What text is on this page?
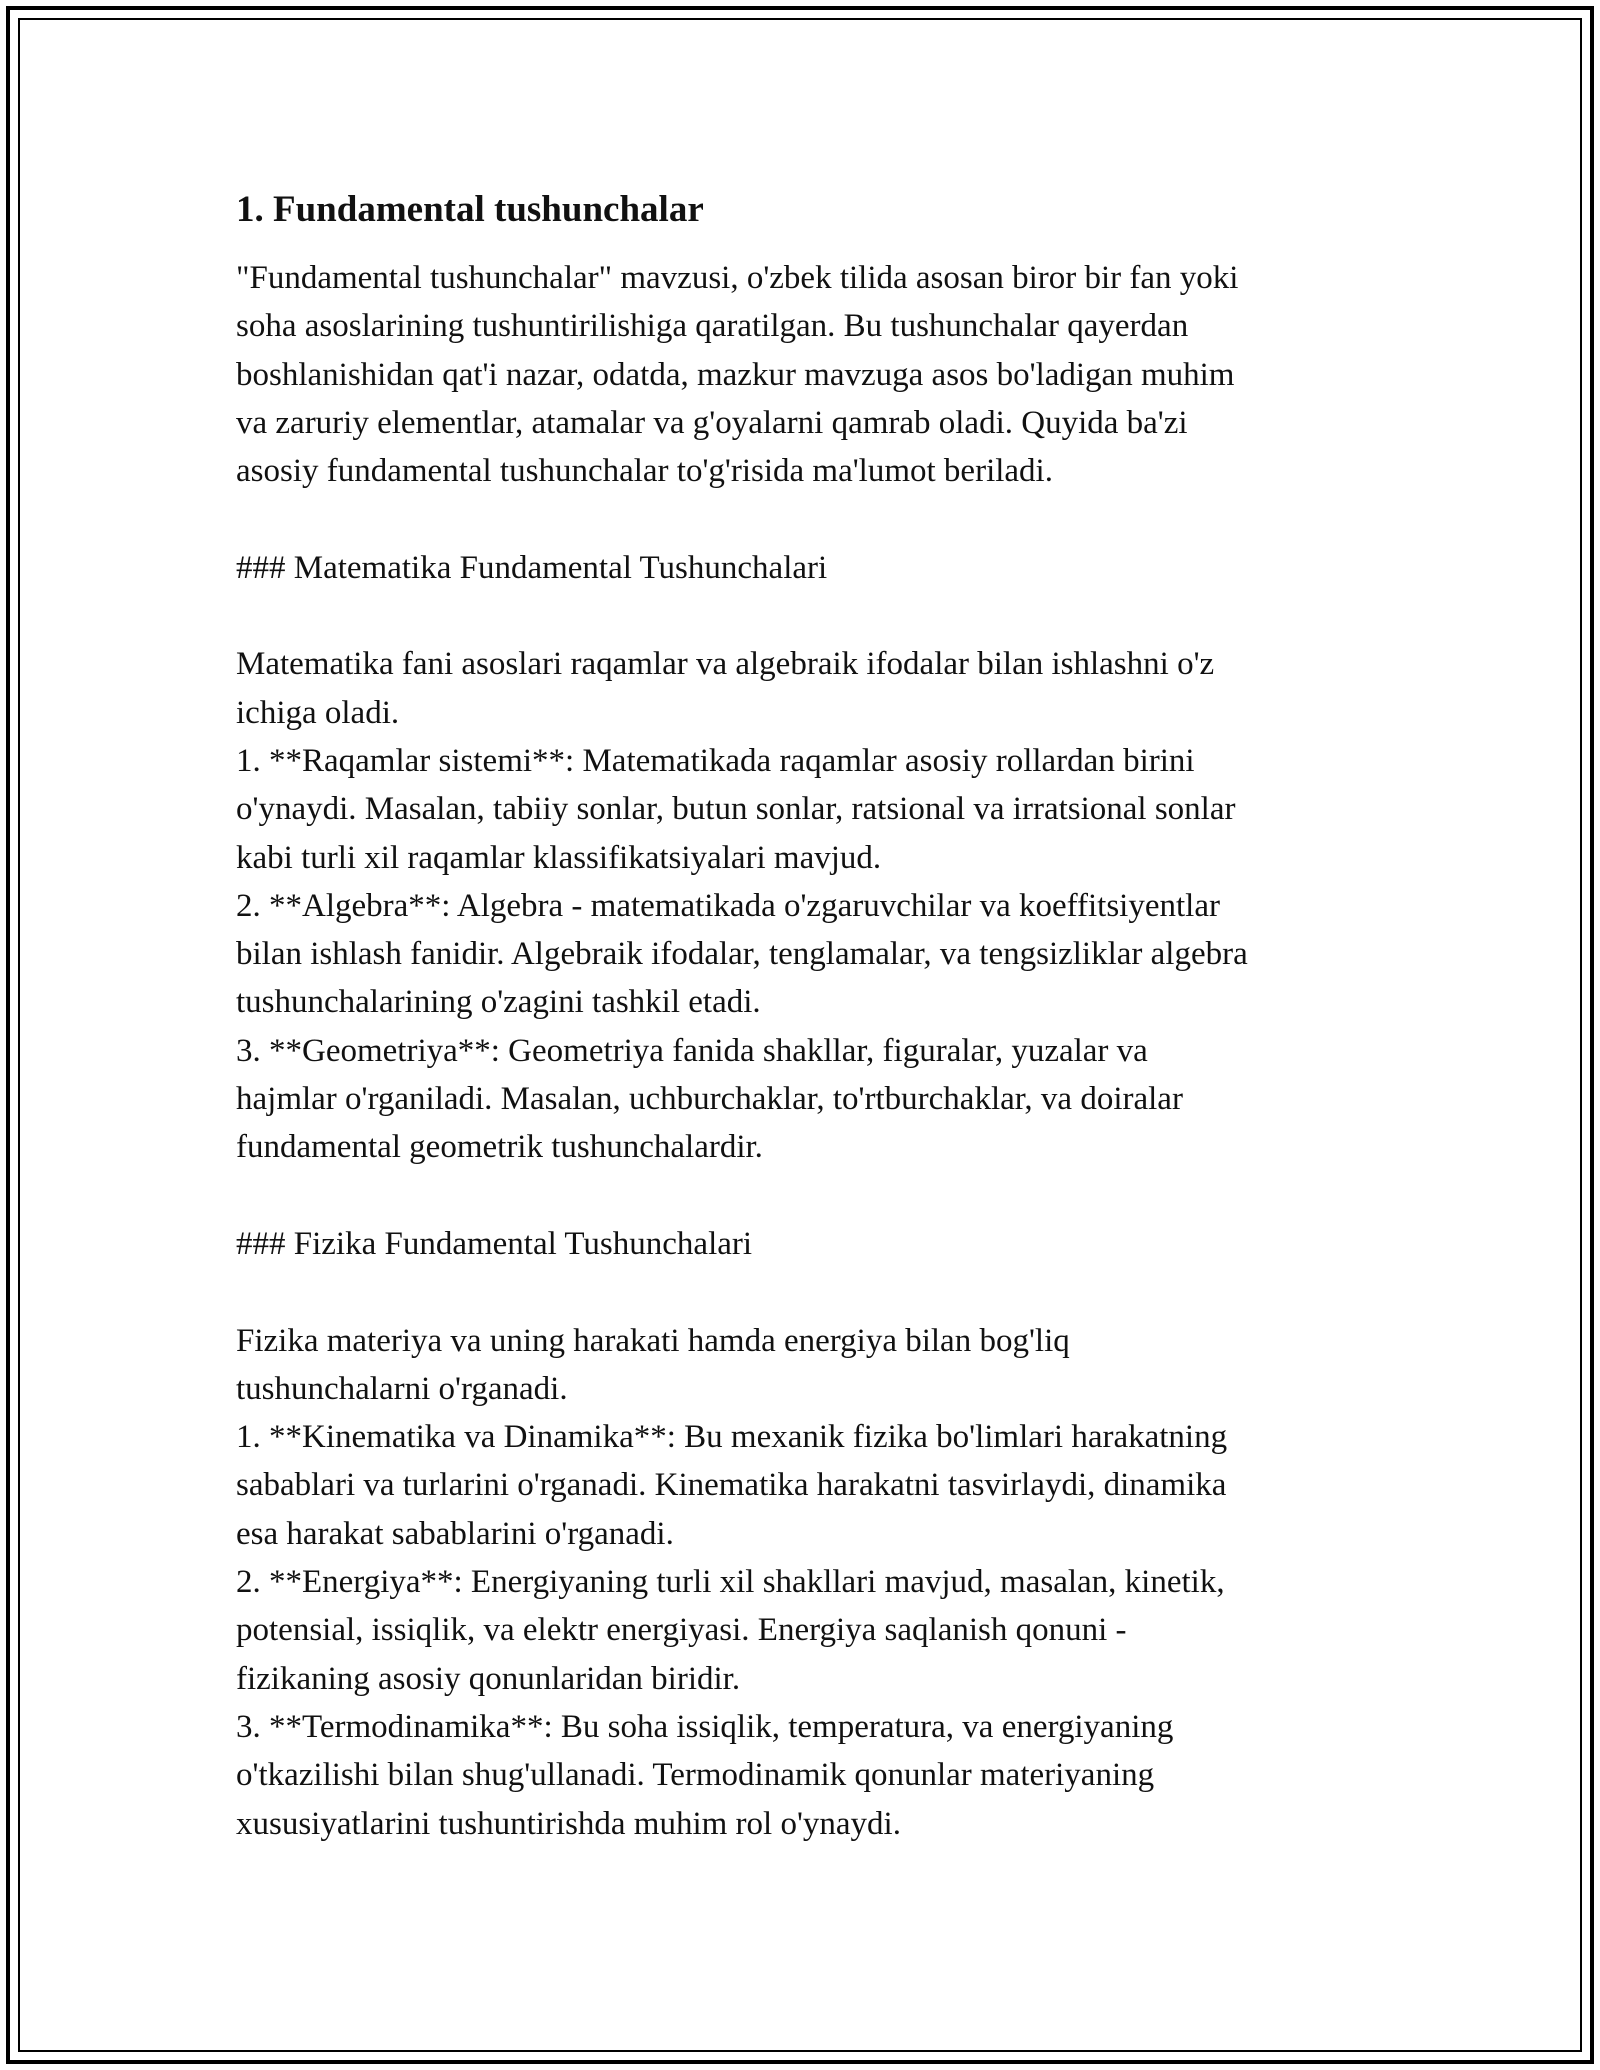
1. Fundamental tushunchalar

"Fundamental tushunchalar" mavzusi, o'zbek tilida asosan biror bir fan yoki

soha asoslarining tushuntirilishiga qaratilgan. Bu tushunchalar qayerdan

boshlanishidan qat'i nazar, odatda, mazkur mavzuga asos bo'ladigan muhim

va zaruriy elementlar, atamalar va g'oyalarni qamrab oladi. Quyida ba'zi

asosiy fundamental tushunchalar to'g'risida ma'lumot beriladi.

### Matematika Fundamental Tushunchalari

Matematika fani asoslari raqamlar va algebraik ifodalar bilan ishlashni o'z

ichiga oladi.

1. **Raqamlar sistemi**: Matematikada raqamlar asosiy rollardan birini

o'ynaydi. Masalan, tabiiy sonlar, butun sonlar, ratsional va irratsional sonlar

kabi turli xil raqamlar klassifikatsiyalari mavjud.

2. **Algebra**: Algebra - matematikada o'zgaruvchilar va koeffitsiyentlar

bilan ishlash fanidir. Algebraik ifodalar, tenglamalar, va tengsizliklar algebra

tushunchalarining o'zagini tashkil etadi.

3. **Geometriya**: Geometriya fanida shakllar, figuralar, yuzalar va

hajmlar o'rganiladi. Masalan, uchburchaklar, to'rtburchaklar, va doiralar

fundamental geometrik tushunchalardir.

### Fizika Fundamental Tushunchalari

Fizika materiya va uning harakati hamda energiya bilan bog'liq

tushunchalarni o'rganadi.

1. **Kinematika va Dinamika**: Bu mexanik fizika bo'limlari harakatning

sabablari va turlarini o'rganadi. Kinematika harakatni tasvirlaydi, dinamika

esa harakat sabablarini o'rganadi.

2. **Energiya**: Energiyaning turli xil shakllari mavjud, masalan, kinetik,

potensial, issiqlik, va elektr energiyasi. Energiya saqlanish qonuni -

fizikaning asosiy qonunlaridan biridir.

3. **Termodinamika**: Bu soha issiqlik, temperatura, va energiyaning

o'tkazilishi bilan shug'ullanadi. Termodinamik qonunlar materiyaning

xususiyatlarini tushuntirishda muhim rol o'ynaydi.
